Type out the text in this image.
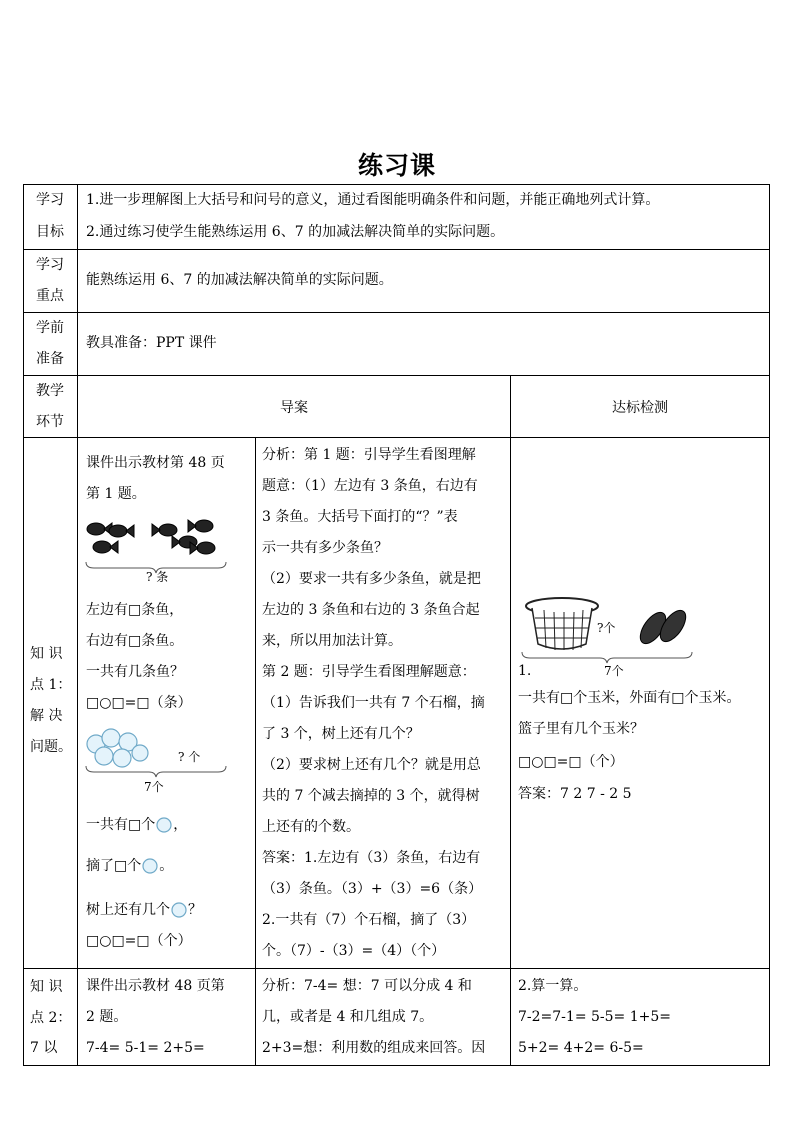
练习课
学习
目标
1.进一步理解图上大括号和问号的意义，通过看图能明确条件和问题，并能正确地列式计算。
2.通过练习使学生能熟练运用 6、7 的加减法解决简单的实际问题。
学习
重点
能熟练运用 6、7 的加减法解决简单的实际问题。
学前
准备
教具准备：PPT 课件
教学
环节
导案	达标检测
知 识
点 1：
解 决
问题。
课件出示教材第 48 页
第 1 题。
? 条
左边有□条鱼，
右边有□条鱼。
一共有几条鱼？
□○□=□（条）
? 个
7个
一共有□个 ，
摘了□个 。
树上还有几个 ？
□○□=□（个）
分析：第 1 题：引导学生看图理解
题意：（1）左边有 3 条鱼，右边有
3 条鱼。大括号下面打的“？”表
示一共有多少条鱼？
（2）要求一共有多少条鱼，就是把
左边的 3 条鱼和右边的 3 条鱼合起
来，所以用加法计算。
第 2 题：引导学生看图理解题意：
（1）告诉我们一共有 7 个石榴，摘
了 3 个，树上还有几个？
（2）要求树上还有几个？就是用总
共的 7 个减去摘掉的 3 个，就得树
上还有的个数。
答案：1.左边有（3）条鱼，右边有
（3）条鱼。（3）+（3）=6（条）
2.一共有（7）个石榴，摘了（3）
个。（7）-（3）=（4）（个）
?个
7个
1.
一共有□个玉米，外面有□个玉米。
篮子里有几个玉米？
□○□=□（个）
答案：7 2 7 - 2 5
知 识
点 2：
7 以
课件出示教材 48 页第
2 题。
7-4= 5-1= 2+5=
分析：7-4= 想：7 可以分成 4 和
几，或者是 4 和几组成 7。
2+3=想：利用数的组成来回答。因
2.算一算。
7-2=7-1= 5-5= 1+5=
5+2= 4+2= 6-5=
